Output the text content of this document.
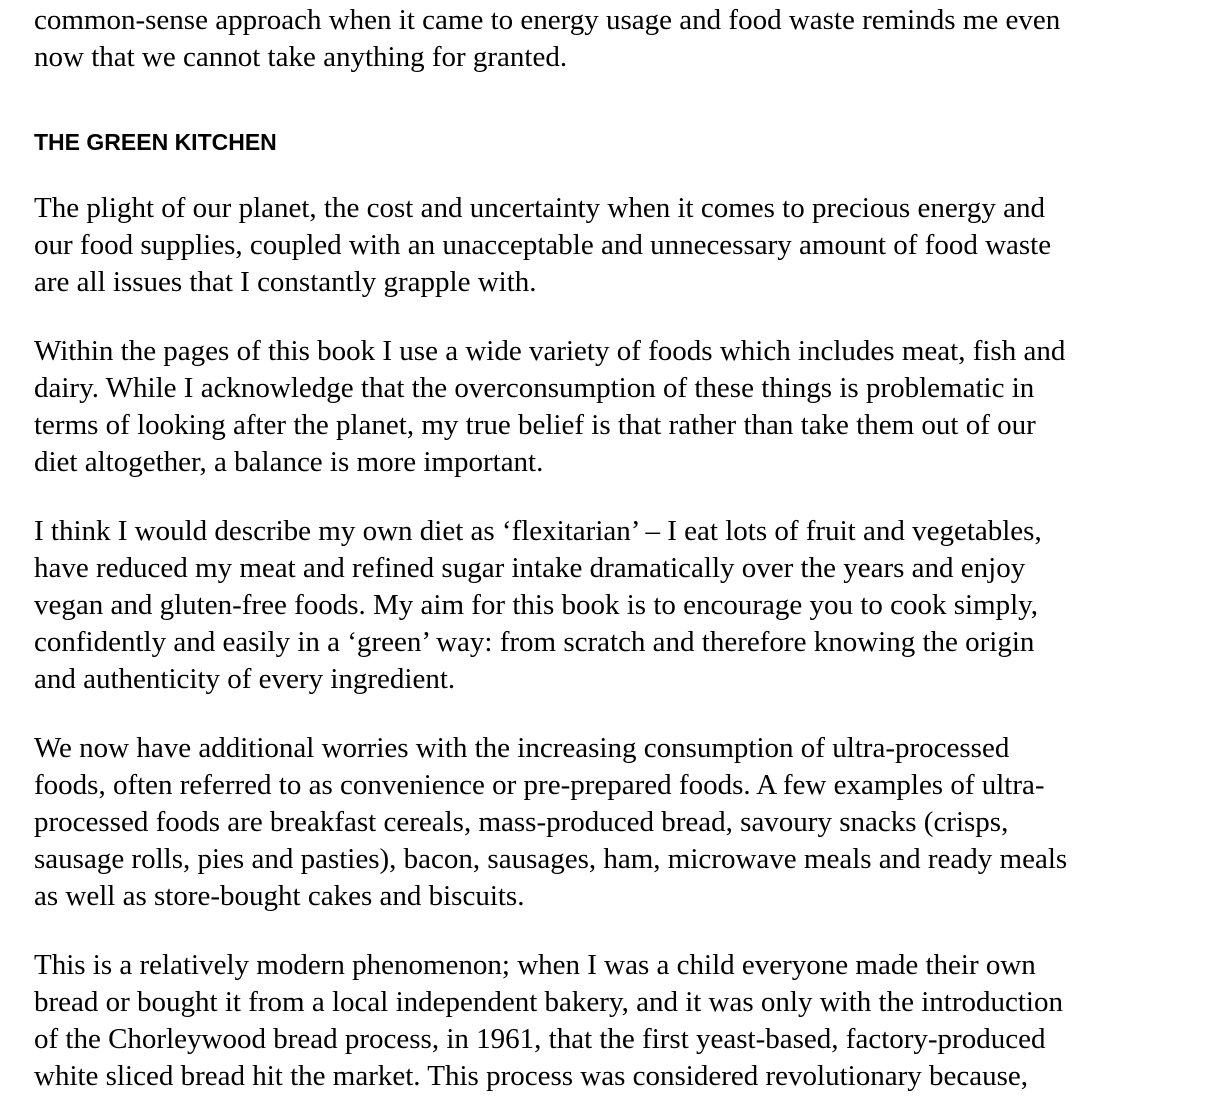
common-sense approach when it came to energy usage and food waste reminds me even
now that we cannot take anything for granted.

THE GREEN KITCHEN

The plight of our planet, the cost and uncertainty when it comes to precious energy and
our food supplies, coupled with an unacceptable and unnecessary amount of food waste
are all issues that I constantly grapple with.

Within the pages of this book I use a wide variety of foods which includes meat, fish and
dairy. While I acknowledge that the overconsumption of these things is problematic in
terms of looking after the planet, my true belief is that rather than take them out of our
diet altogether, a balance is more important.

I think I would describe my own diet as ‘flexitarian’ – I eat lots of fruit and vegetables,
have reduced my meat and refined sugar intake dramatically over the years and enjoy
vegan and gluten-free foods. My aim for this book is to encourage you to cook simply,
confidently and easily in a ‘green’ way: from scratch and therefore knowing the origin
and authenticity of every ingredient.

We now have additional worries with the increasing consumption of ultra-processed
foods, often referred to as convenience or pre-prepared foods. A few examples of ultra-
processed foods are breakfast cereals, mass-produced bread, savoury snacks (crisps,
sausage rolls, pies and pasties), bacon, sausages, ham, microwave meals and ready meals
as well as store-bought cakes and biscuits.

This is a relatively modern phenomenon; when I was a child everyone made their own
bread or bought it from a local independent bakery, and it was only with the introduction
of the Chorleywood bread process, in 1961, that the first yeast-based, factory-produced
white sliced bread hit the market. This process was considered revolutionary because,
